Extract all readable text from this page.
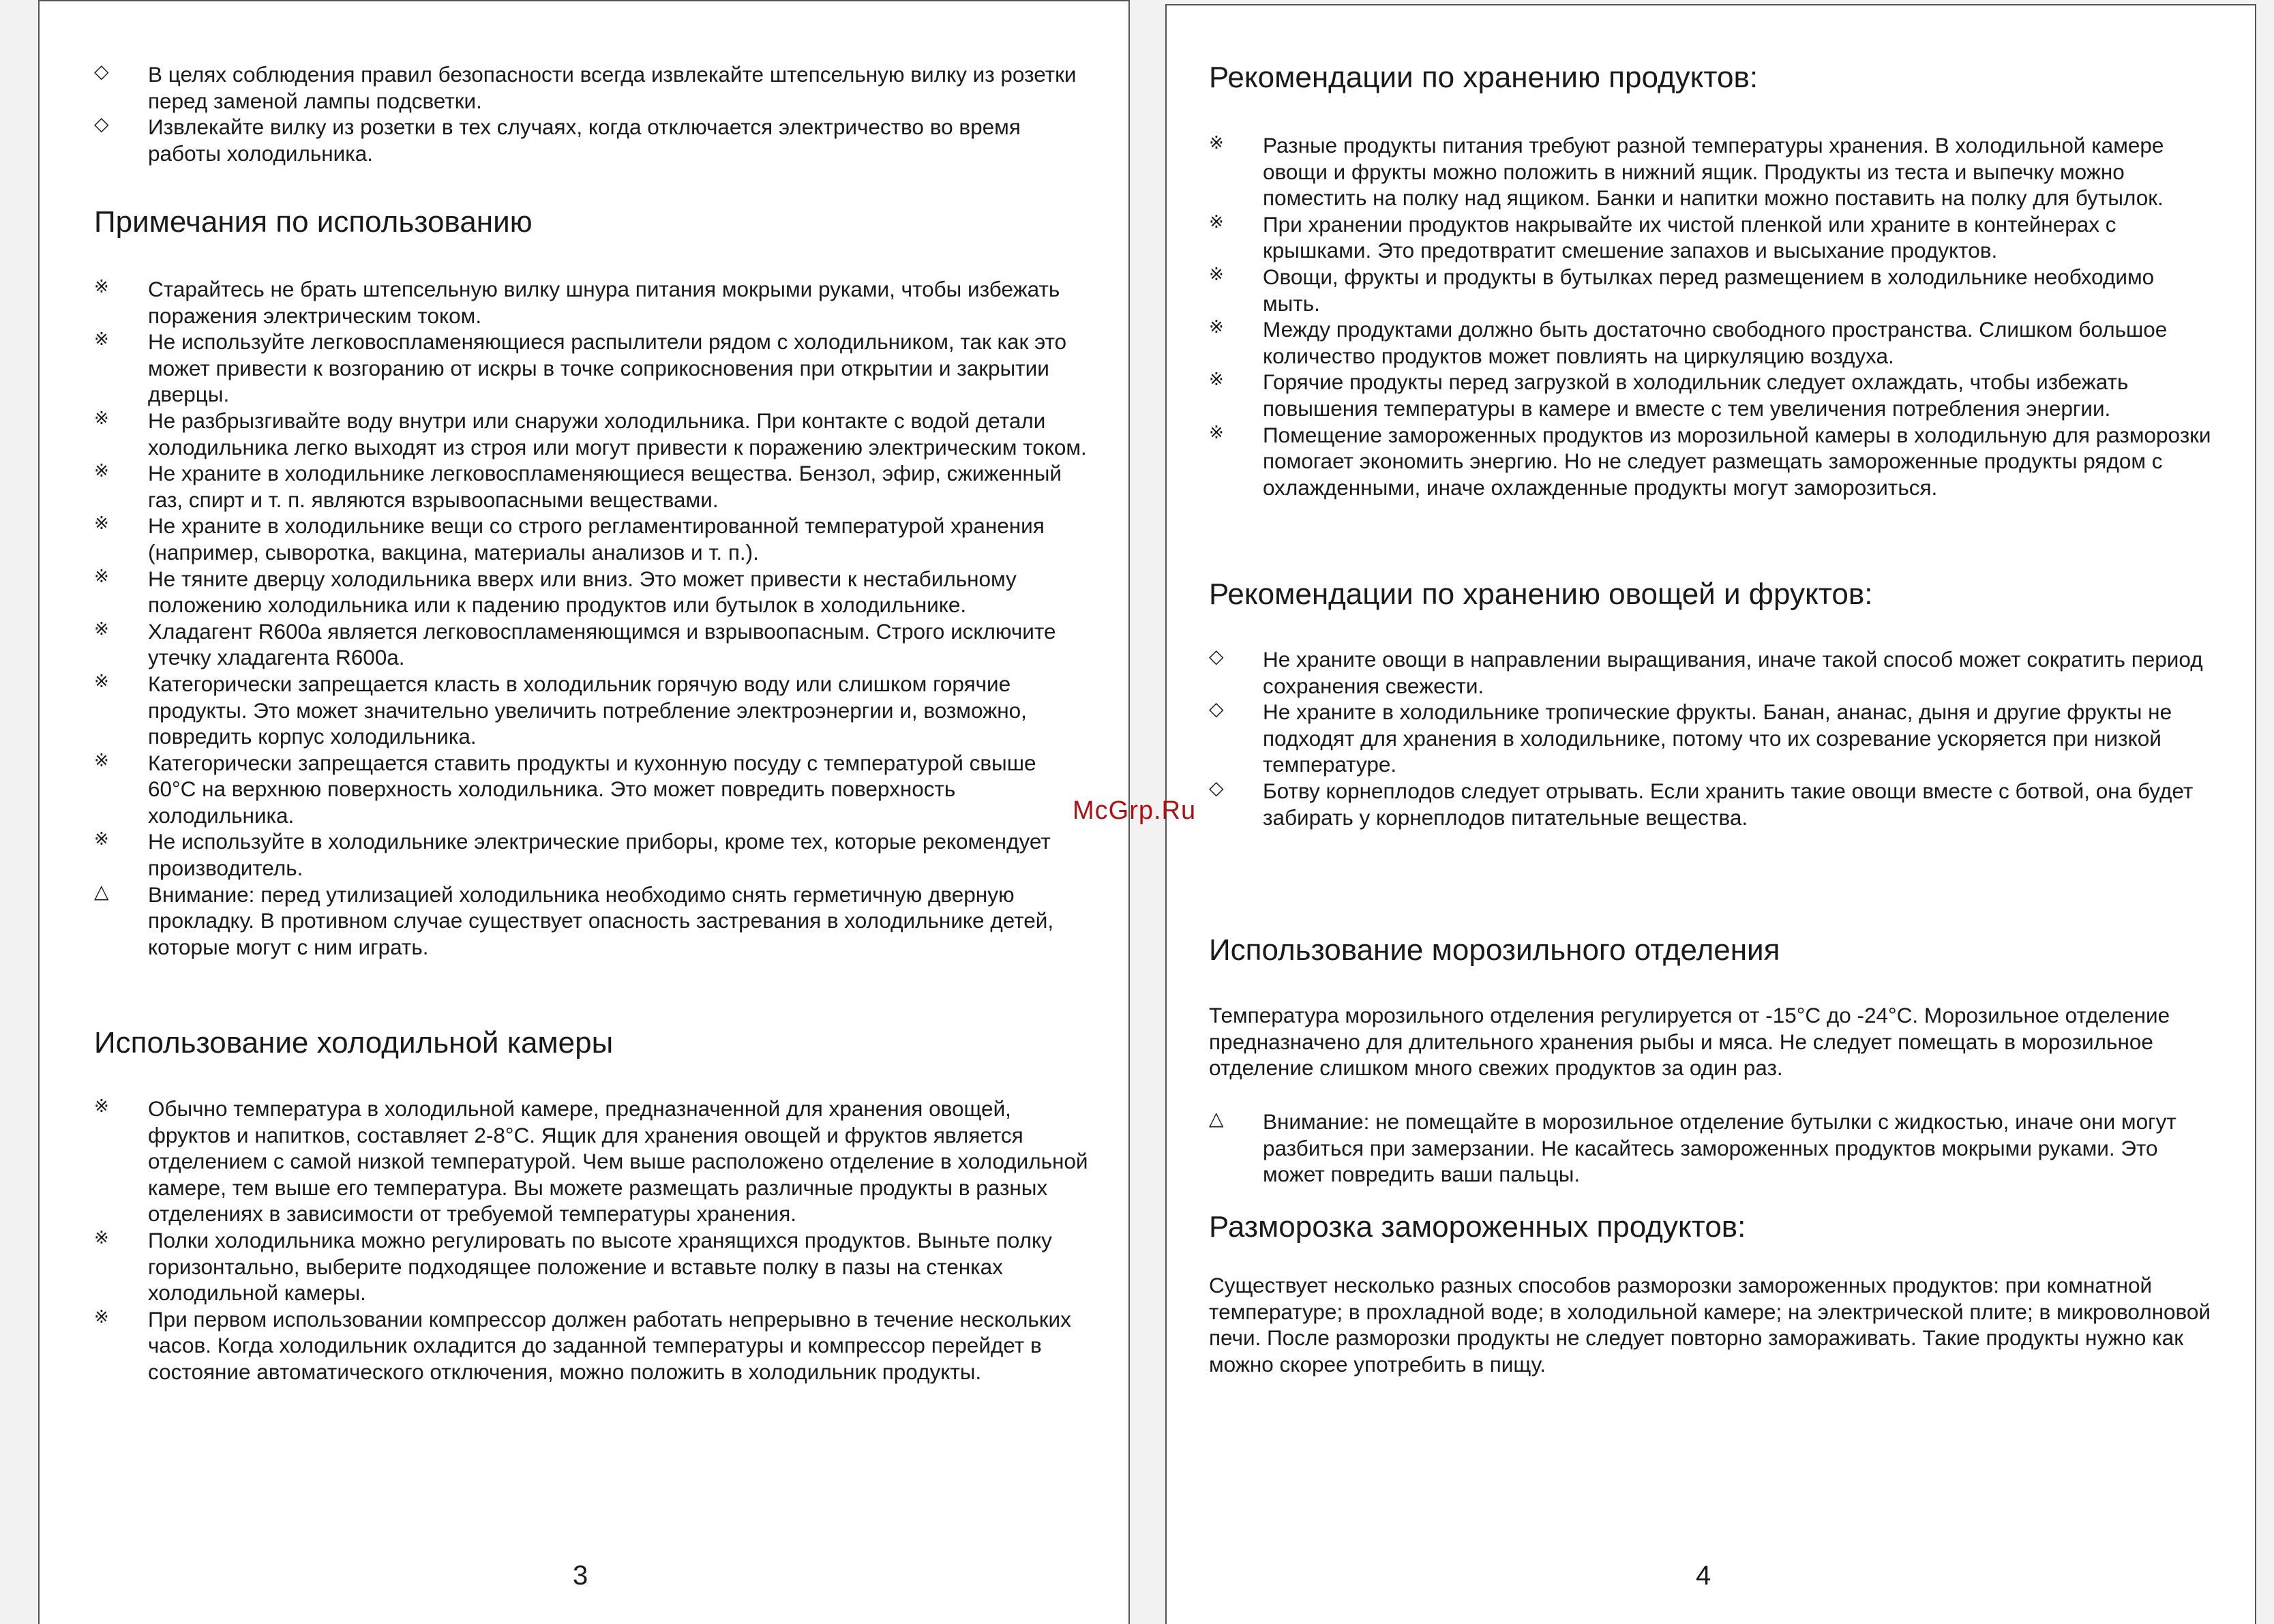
◇	В целях соблюдения правил безопасности всегда извлекайте штепсельную вилку из розетки перед заменой лампы подсветки.
◇	Извлекайте вилку из розетки в тех случаях, когда отключается электричество во время работы холодильника.
Примечания по использованию
※	Старайтесь не брать штепсельную вилку шнура питания мокрыми руками, чтобы избежать поражения электрическим током.
※	Не используйте легковоспламеняющиеся распылители рядом с холодильником, так как это может привести к возгоранию от искры в точке соприкосновения при открытии и закрытии дверцы.
※	Не разбрызгивайте воду внутри или снаружи холодильника. При контакте с водой детали холодильника легко выходят из строя или могут привести к поражению электрическим током.
※	Не храните в холодильнике легковоспламеняющиеся вещества. Бензол, эфир, сжиженный газ, спирт и т. п. являются взрывоопасными веществами.
※	Не храните в холодильнике вещи со строго регламентированной температурой хранения (например, сыворотка, вакцина, материалы анализов и т. п.).
※	Не тяните дверцу холодильника вверх или вниз. Это может привести к нестабильному положению холодильника или к падению продуктов или бутылок в холодильнике.
※	Хладагент R600a является легковоспламеняющимся и взрывоопасным. Строго исключите утечку хладагента R600a.
※	Категорически запрещается класть в холодильник горячую воду или слишком горячие продукты. Это может значительно увеличить потребление электроэнергии и, возможно, повредить корпус холодильника.
※	Категорически запрещается ставить продукты и кухонную посуду с температурой свыше 60°C на верхнюю поверхность холодильника. Это может повредить поверхность холодильника.
※	Не используйте в холодильнике электрические приборы, кроме тех, которые рекомендует производитель.
△	Внимание: перед утилизацией холодильника необходимо снять герметичную дверную прокладку. В противном случае существует опасность застревания в холодильнике детей, которые могут с ним играть.
Использование холодильной камеры
※	Обычно температура в холодильной камере, предназначенной для хранения овощей, фруктов и напитков, составляет 2-8°C. Ящик для хранения овощей и фруктов является отделением с самой низкой температурой. Чем выше расположено отделение в холодильной камере, тем выше его температура. Вы можете размещать различные продукты в разных отделениях в зависимости от требуемой температуры хранения.
※	Полки холодильника можно регулировать по высоте хранящихся продуктов. Выньте полку горизонтально, выберите подходящее положение и вставьте полку в пазы на стенках холодильной камеры.
※	При первом использовании компрессор должен работать непрерывно в течение нескольких часов. Когда холодильник охладится до заданной температуры и компрессор перейдет в состояние автоматического отключения, можно положить в холодильник продукты.
3
Рекомендации по хранению продуктов:
※	Разные продукты питания требуют разной температуры хранения. В холодильной камере овощи и фрукты можно положить в нижний ящик. Продукты из теста и выпечку можно поместить на полку над ящиком. Банки и напитки можно поставить на полку для бутылок.
※	При хранении продуктов накрывайте их чистой пленкой или храните в контейнерах с крышками. Это предотвратит смешение запахов и высыхание продуктов.
※	Овощи, фрукты и продукты в бутылках перед размещением в холодильнике необходимо мыть.
※	Между продуктами должно быть достаточно свободного пространства. Слишком большое количество продуктов может повлиять на циркуляцию воздуха.
※	Горячие продукты перед загрузкой в холодильник следует охлаждать, чтобы избежать повышения температуры в камере и вместе с тем увеличения потребления энергии.
※	Помещение замороженных продуктов из морозильной камеры в холодильную для разморозки помогает экономить энергию. Но не следует размещать замороженные продукты рядом с охлажденными, иначе охлажденные продукты могут заморозиться.
Рекомендации по хранению овощей и фруктов:
◇	Не храните овощи в направлении выращивания, иначе такой способ может сократить период сохранения свежести.
◇	Не храните в холодильнике тропические фрукты. Банан, ананас, дыня и другие фрукты не подходят для хранения в холодильнике, потому что их созревание ускоряется при низкой температуре.
◇	Ботву корнеплодов следует отрывать. Если хранить такие овощи вместе с ботвой, она будет забирать у корнеплодов питательные вещества.
Использование морозильного отделения

Температура морозильного отделения регулируется от -15°C до -24°C. Морозильное отделение предназначено для длительного хранения рыбы и мяса. Не следует помещать в морозильное отделение слишком много свежих продуктов за один раз.

△	Внимание: не помещайте в морозильное отделение бутылки с жидкостью, иначе они могут разбиться при замерзании. Не касайтесь замороженных продуктов мокрыми руками. Это может повредить ваши пальцы.
Разморозка замороженных продуктов:

Существует несколько разных способов разморозки замороженных продуктов: при комнатной температуре; в прохладной воде; в холодильной камере; на электрической плите; в микроволновой печи. После разморозки продукты не следует повторно замораживать. Такие продукты нужно как можно скорее употребить в пищу.

4
McGrp.Ru
